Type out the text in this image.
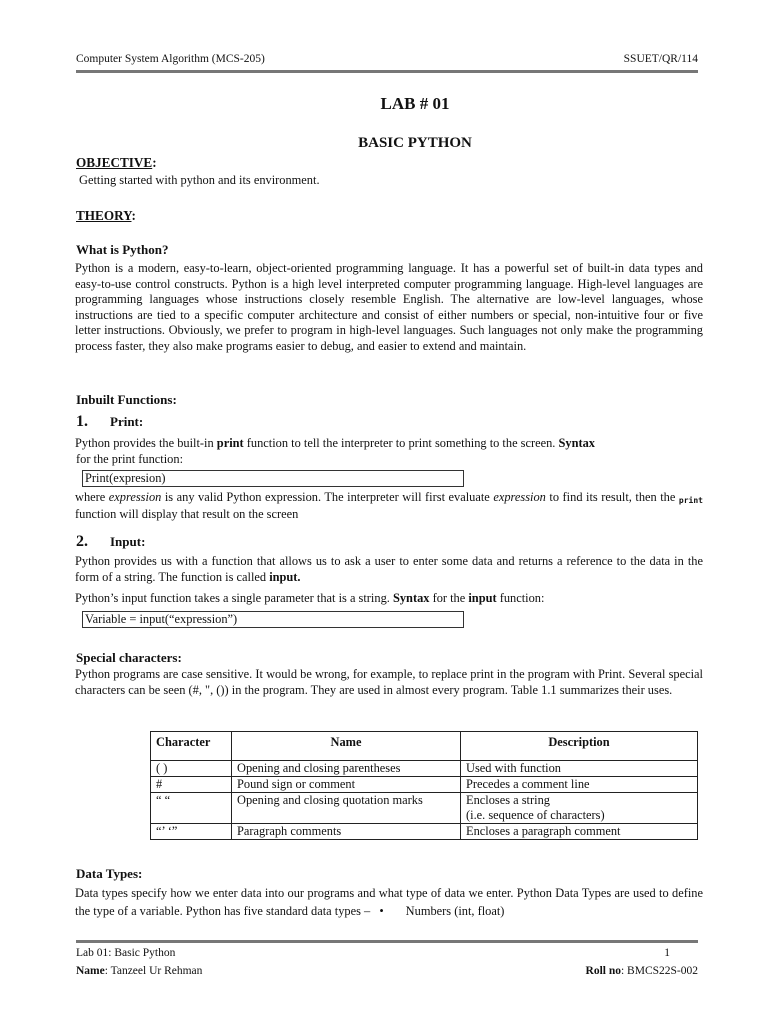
Computer System Algorithm (MCS-205)	SSUET/QR/114
LAB # 01
BASIC PYTHON
OBJECTIVE:
Getting started with python and its environment.
THEORY:
What is Python?
Python is a modern, easy-to-learn, object-oriented programming language. It has a powerful set of built-in data types and easy-to-use control constructs. Python is a high level interpreted computer programming language. High-level languages are programming languages whose instructions closely resemble English. The alternative are low-level languages, whose instructions are tied to a specific computer architecture and consist of either numbers or special, non-intuitive four or five letter instructions. Obviously, we prefer to program in high-level languages. Such languages not only make the programming process faster, they also make programs easier to debug, and easier to extend and maintain.
Inbuilt Functions:
1. Print:
Python provides the built-in print function to tell the interpreter to print something to the screen. Syntax
for the print function:
Print(expresion)
where expression is any valid Python expression. The interpreter will first evaluate expression to find its result, then the print function will display that result on the screen
2. Input:
Python provides us with a function that allows us to ask a user to enter some data and returns a reference to the data in the form of a string. The function is called input.
Python’s input function takes a single parameter that is a string. Syntax for the input function:
Variable = input(“expression”)
Special characters:
Python programs are case sensitive. It would be wrong, for example, to replace print in the program with Print. Several special characters can be seen (#, ", ()) in the program. They are used in almost every program. Table 1.1 summarizes their uses.
Character	Name	Description
( )	Opening and closing parentheses	Used with function
#	Pound sign or comment	Precedes a comment line
“ “	Opening and closing quotation marks	Encloses a string
(i.e. sequence of characters)

“’ ‘”	Paragraph comments	Encloses a paragraph comment
Data Types:
Data types specify how we enter data into our programs and what type of data we enter. Python Data Types are used to define the type of a variable. Python has five standard data types – • Numbers (int, float)
Lab 01: Basic Python	1
Name: Tanzeel Ur Rehman	Roll no: BMCS22S-002
